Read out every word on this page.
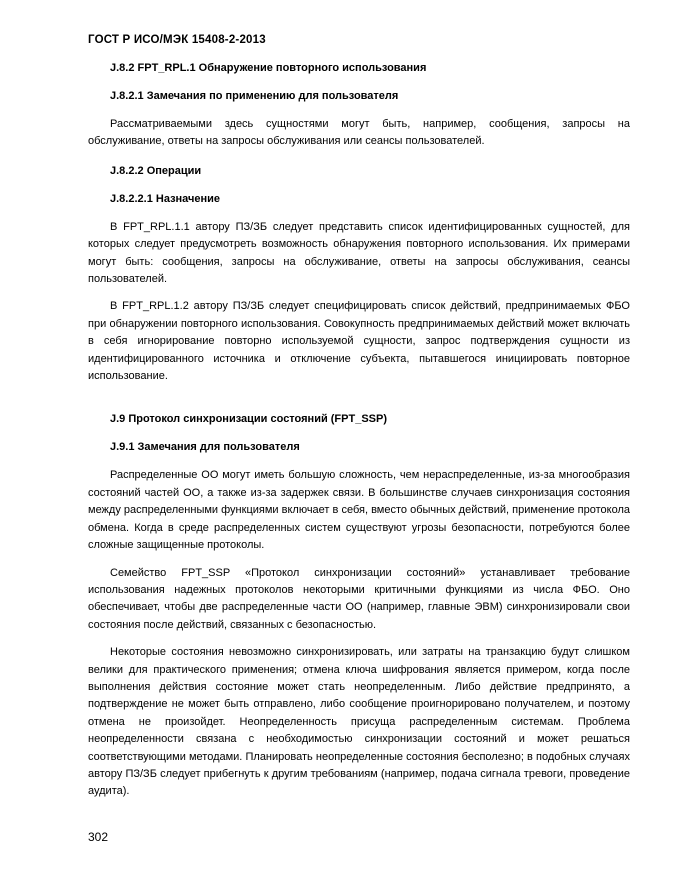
ГОСТ Р ИСО/МЭК 15408-2-2013
J.8.2 FPT_RPL.1 Обнаружение повторного использования
J.8.2.1 Замечания по применению для пользователя
Рассматриваемыми здесь сущностями могут быть, например, сообщения, запросы на обслуживание, ответы на запросы обслуживания или сеансы пользователей.
J.8.2.2 Операции
J.8.2.2.1 Назначение
В FPT_RPL.1.1 автору ПЗ/ЗБ следует представить список идентифицированных сущностей, для которых следует предусмотреть возможность обнаружения повторного использования. Их примерами могут быть: сообщения, запросы на обслуживание, ответы на запросы обслуживания, сеансы пользователей.
В FPT_RPL.1.2 автору ПЗ/ЗБ следует специфицировать список действий, предпринимаемых ФБО при обнаружении повторного использования. Совокупность предпринимаемых действий может включать в себя игнорирование повторно используемой сущности, запрос подтверждения сущности из идентифицированного источника и отключение субъекта, пытавшегося инициировать повторное использование.
J.9 Протокол синхронизации состояний (FPT_SSP)
J.9.1 Замечания для пользователя
Распределенные ОО могут иметь большую сложность, чем нераспределенные, из-за многообразия состояний частей ОО, а также из-за задержек связи. В большинстве случаев синхронизация состояния между распределенными функциями включает в себя, вместо обычных действий, применение протокола обмена. Когда в среде распределенных систем существуют угрозы безопасности, потребуются более сложные защищенные протоколы.
Семейство FPT_SSP «Протокол синхронизации состояний» устанавливает требование использования надежных протоколов некоторыми критичными функциями из числа ФБО. Оно обеспечивает, чтобы две распределенные части ОО (например, главные ЭВМ) синхронизировали свои состояния после действий, связанных с безопасностью.
Некоторые состояния невозможно синхронизировать, или затраты на транзакцию будут слишком велики для практического применения; отмена ключа шифрования является примером, когда после выполнения действия состояние может стать неопределенным. Либо действие предпринято, а подтверждение не может быть отправлено, либо сообщение проигнорировано получателем, и поэтому отмена не произойдет. Неопределенность присуща распределенным системам. Проблема неопределенности связана с необходимостью синхронизации состояний и может решаться соответствующими методами. Планировать неопределенные состояния бесполезно; в подобных случаях автору ПЗ/ЗБ следует прибегнуть к другим требованиям (например, подача сигнала тревоги, проведение аудита).
302
